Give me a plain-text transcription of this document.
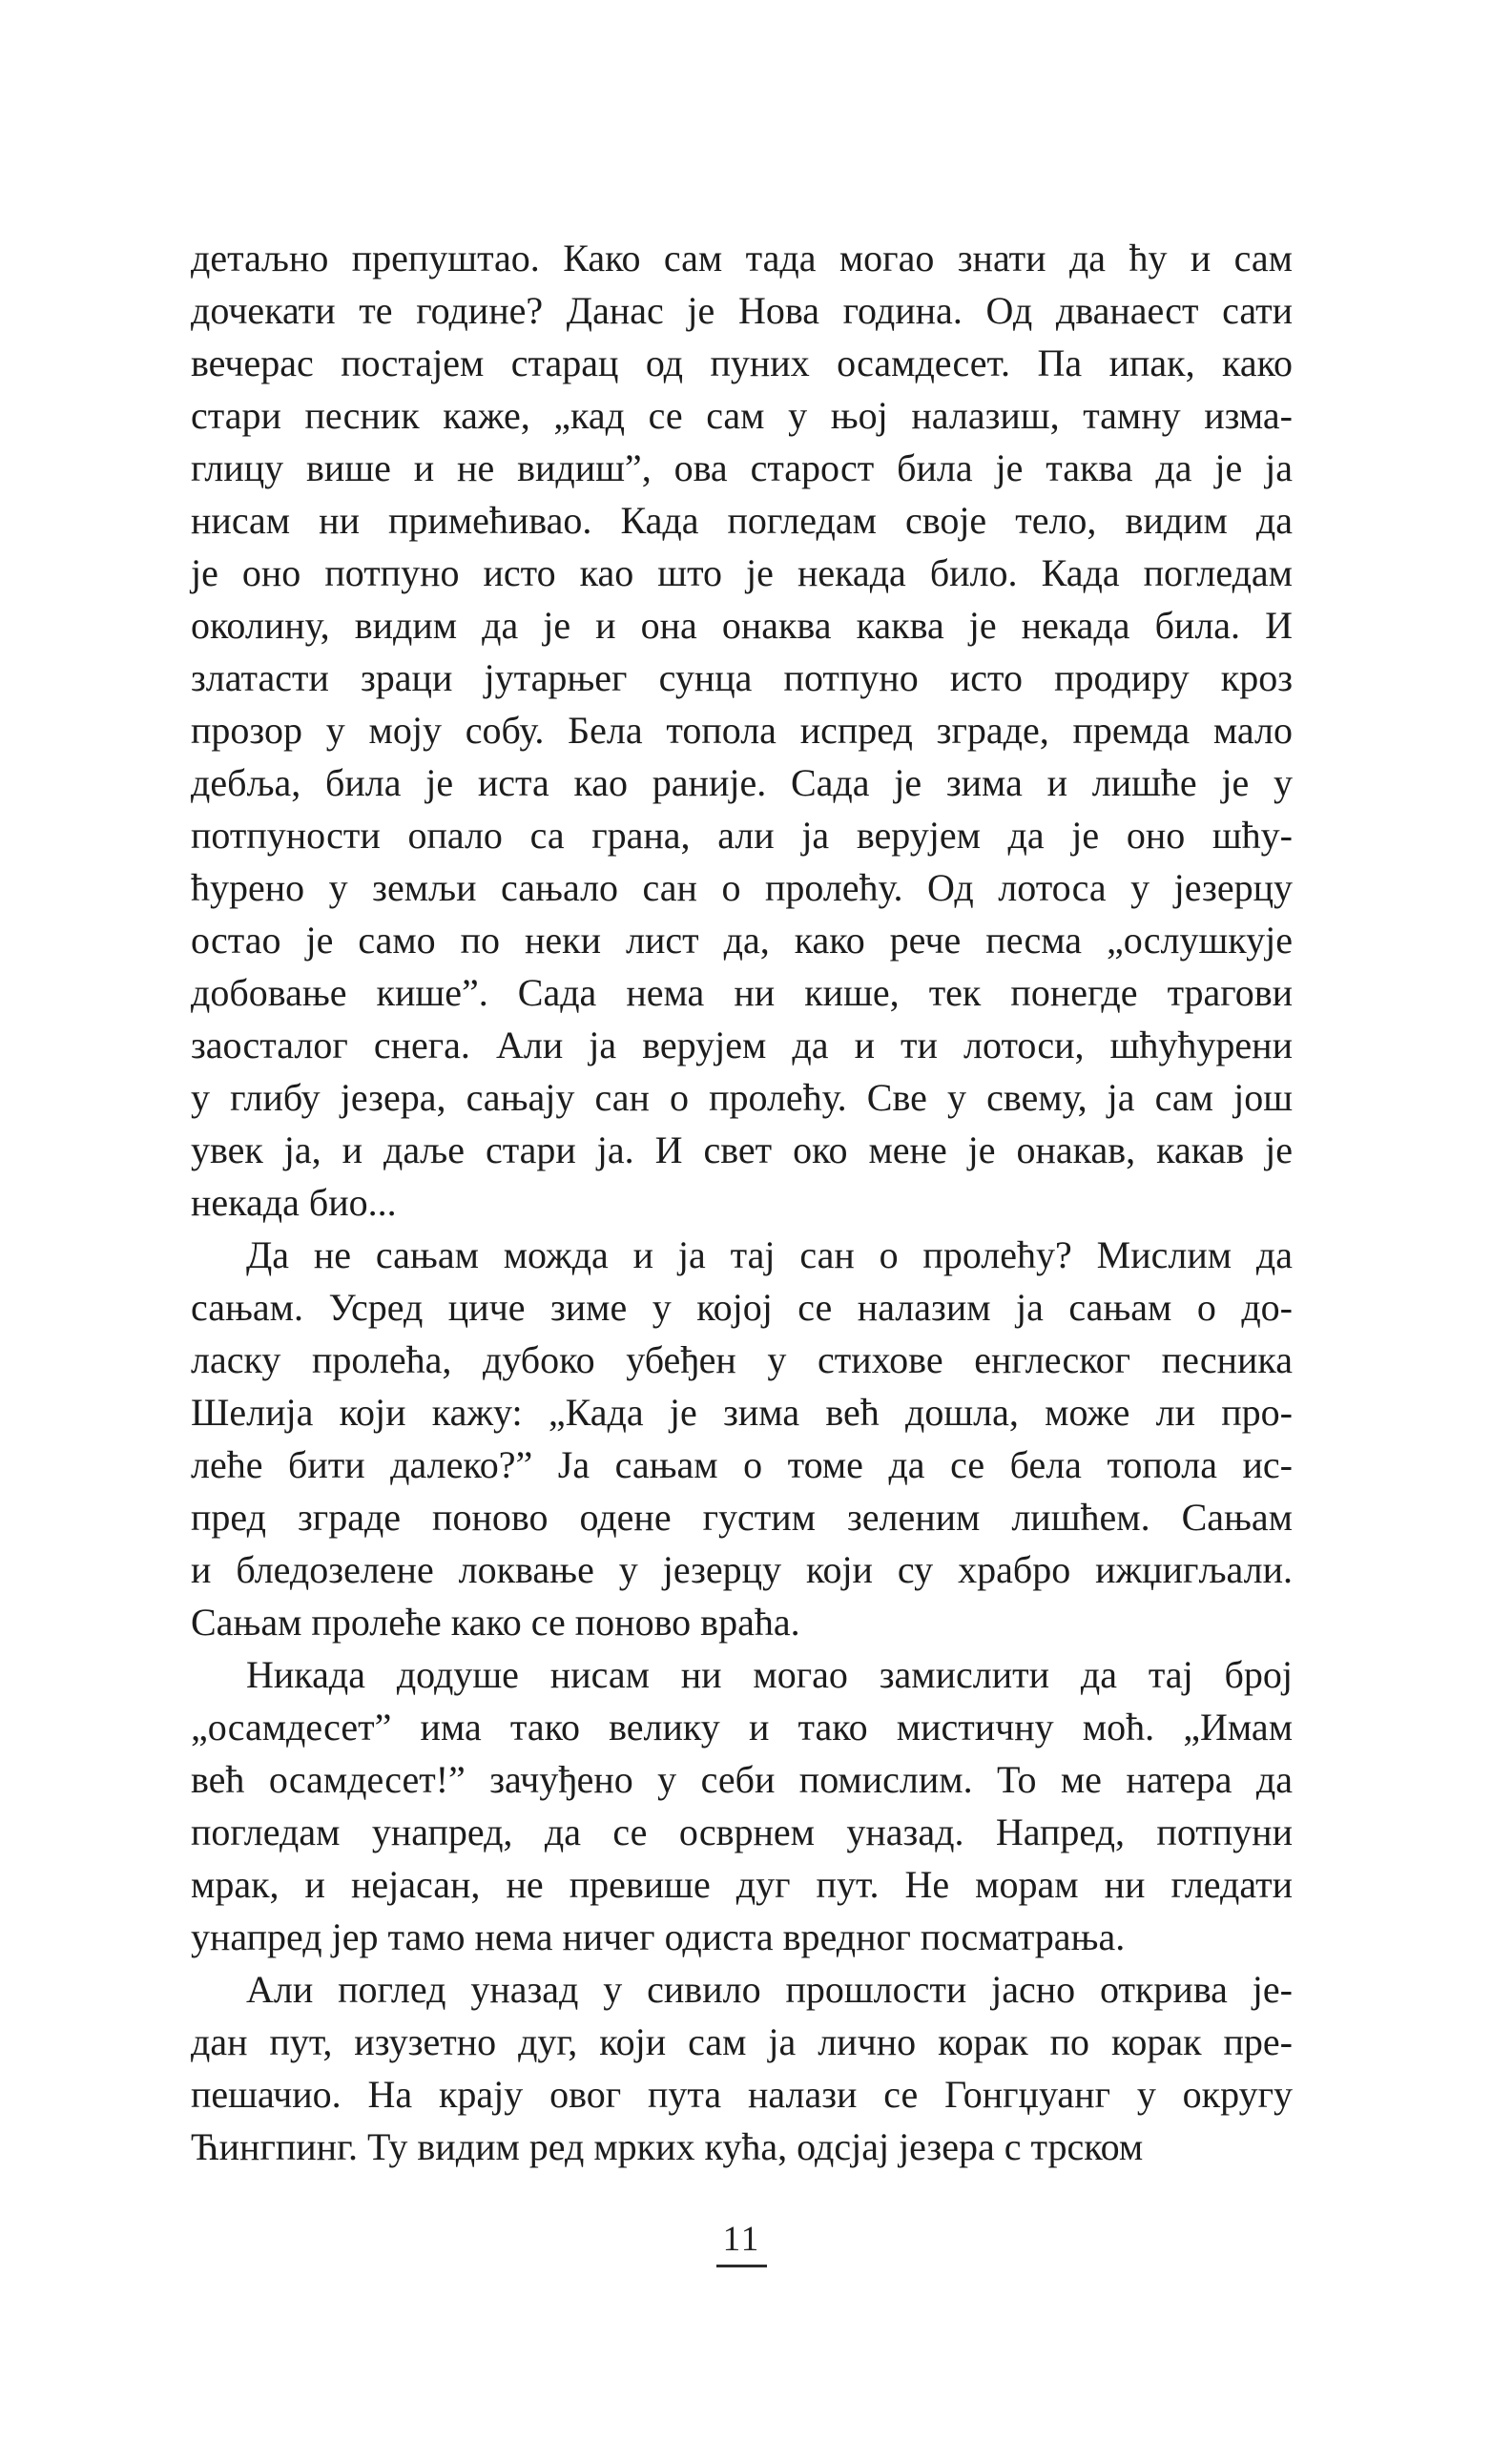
детаљно препуштао. Како сам тада могао знати да ћу и сам
дочекати те године? Данас је Нова година. Од дванаест сати
вечерас постајем старац од пуних осамдесет. Па ипак, како
стари песник каже, „кад се сам у њој налазиш, тамну изма-
глицу више и не видиш”, ова старост била је таква да је ја
нисам ни примећивао. Када погледам своје тело, видим да
је оно потпуно исто као што је некада било. Када погледам
околину, видим да је и она онаква каква је некада била. И
златасти зраци јутарњег сунца потпуно исто продиру кроз
прозор у моју собу. Бела топола испред зграде, премда мало
дебља, била је иста као раније. Сада је зима и лишће је у
потпуности опало са грана, али ја верујем да је оно шћу-
ћурено у земљи сањало сан о пролећу. Од лотоса у језерцу
остао је само по неки лист да, како рече песма „ослушкује
добовање кише”. Сада нема ни кише, тек понегде трагови
заосталог снега. Али ја верујем да и ти лотоси, шћућурени
у глибу језера, сањају сан о пролећу. Све у свему, ја сам још
увек ја, и даље стари ја. И свет око мене је онакав, какав је
некада био...

Да не сањам можда и ја тај сан о пролећу? Мислим да
сањам. Усред циче зиме у којој се налазим ја сањам о до-
ласку пролећа, дубоко убеђен у стихове енглеског песника
Шелија који кажу: „Када је зима већ дошла, може ли про-
леће бити далеко?” Ја сањам о томе да се бела топола ис-
пред зграде поново одене густим зеленим лишћем. Сањам
и бледозелене локвање у језерцу који су храбро ижџигљали.
Сањам пролеће како се поново враћа.

Никада додуше нисам ни могао замислити да тај број
„осамдесет” има тако велику и тако мистичну моћ. „Имам
већ осамдесет!” зачуђено у себи помислим. То ме натера да
погледам унапред, да се осврнем уназад. Напред, потпуни
мрак, и нејасан, не превише дуг пут. Не морам ни гледати
унапред јер тамо нема ничег одиста вредног посматрања.

Али поглед уназад у сивило прошлости јасно открива је-
дан пут, изузетно дуг, који сам ја лично корак по корак пре-
пешачио. На крају овог пута налази се Гонгџуанг у округу
Ћингпинг. Ту видим ред мрких кућа, одсјај језера с трском

11
